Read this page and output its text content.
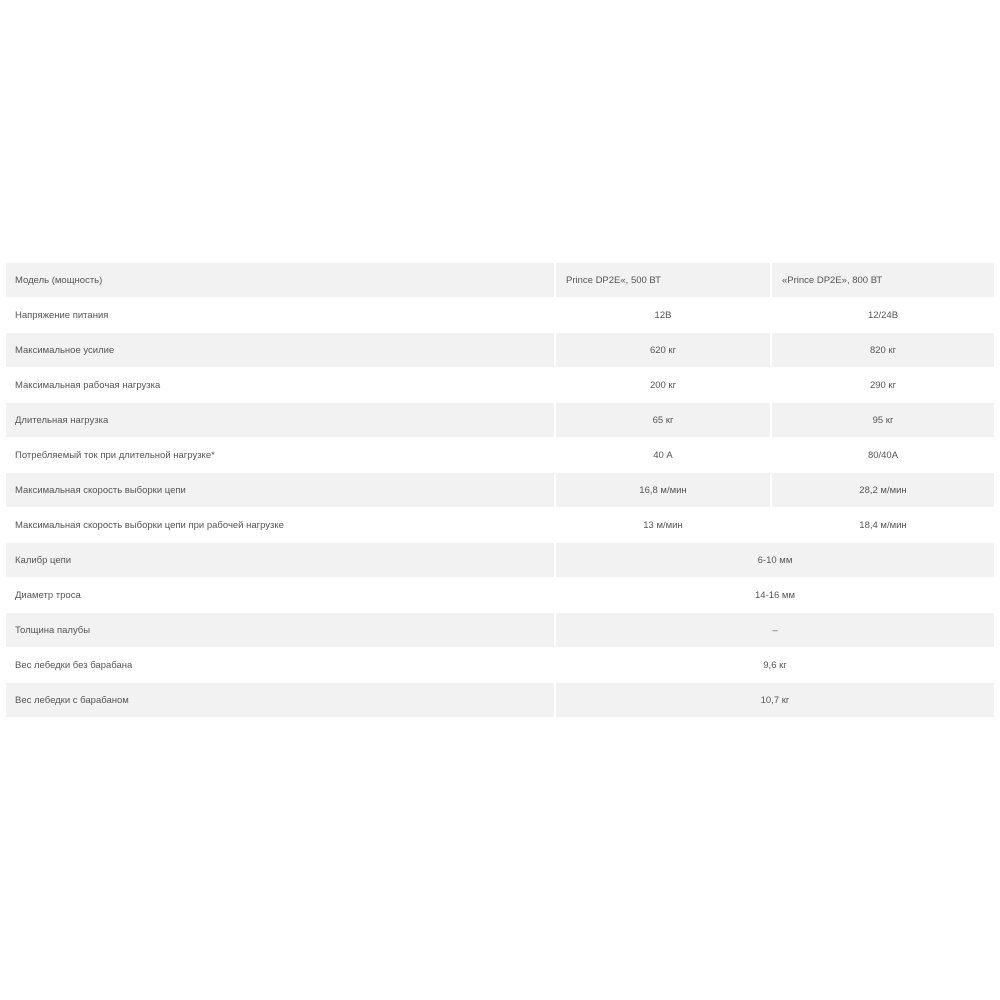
Модель (мощность)	Prince DP2E«, 500 ВТ	«Prince DP2E», 800 ВТ
Напряжение питания	12В	12/24В
Максимальное усилие	620 кг	820 кг
Максимальная рабочая нагрузка	200 кг	290 кг
Длительная нагрузка	65 кг	95 кг
Потребляемый ток при длительной нагрузке*	40 А	80/40А
Максимальная скорость выборки цепи	16,8 м/мин	28,2 м/мин
Максимальная скорость выборки цепи при рабочей нагрузке	13 м/мин	18,4 м/мин
Калибр цепи	6-10 мм	
Диаметр троса	14-16 мм	
Толщина палубы	–	
Вес лебедки без барабана	9,6 кг	
Вес лебедки с барабаном	10,7 кг	
